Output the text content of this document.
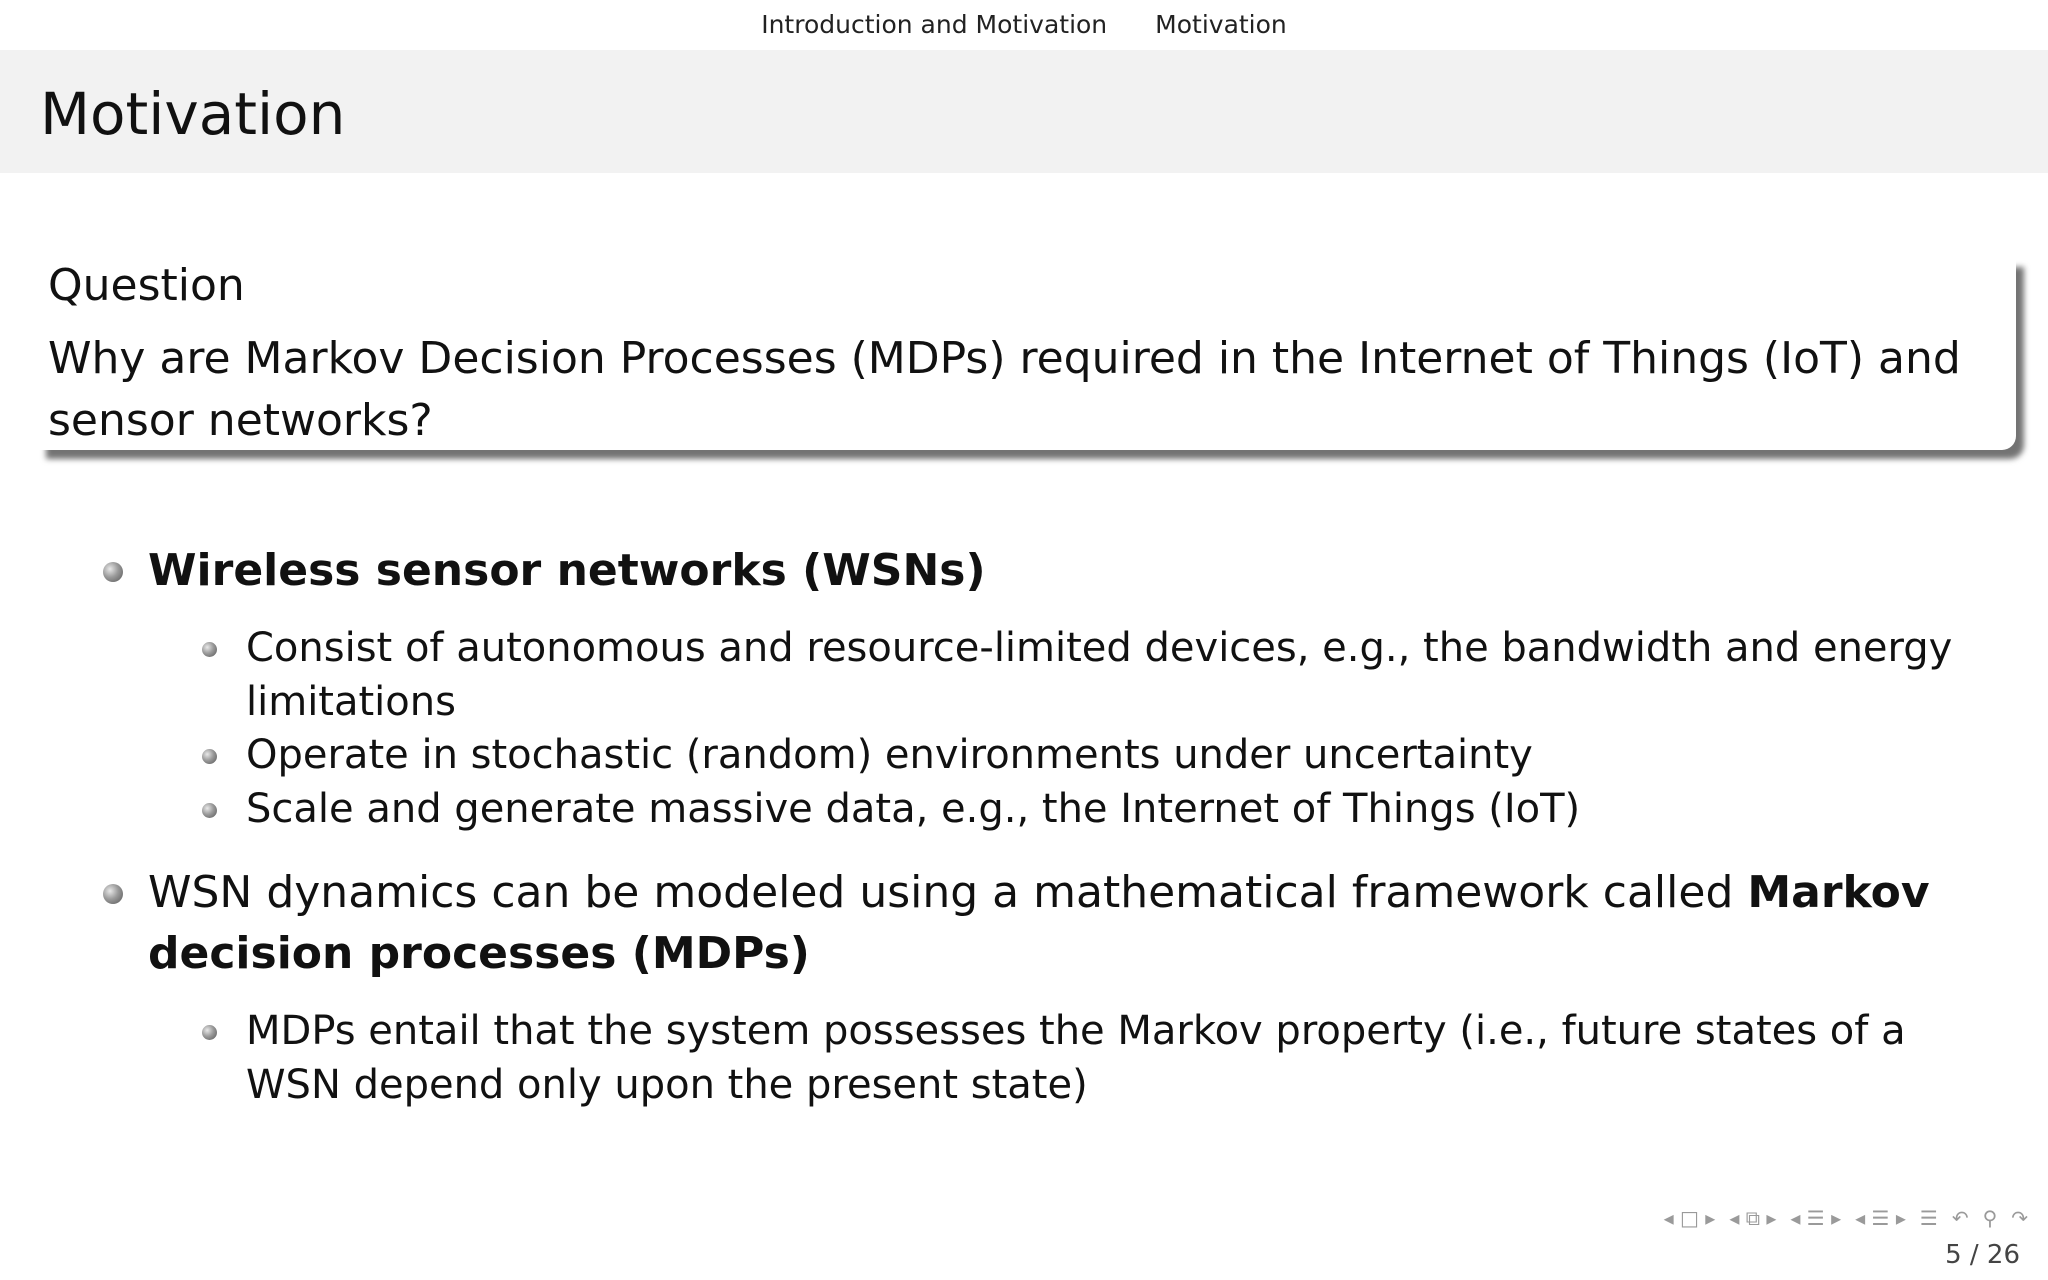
Introduction and Motivation Motivation
Motivation
Question
Why are Markov Decision Processes (MDPs) required in the Internet of Things (IoT) and sensor networks?
Wireless sensor networks (WSNs)
Consist of autonomous and resource-limited devices, e.g., the bandwidth and energy limitations
Operate in stochastic (random) environments under uncertainty
Scale and generate massive data, e.g., the Internet of Things (IoT)
WSN dynamics can be modeled using a mathematical framework called Markov decision processes (MDPs)
MDPs entail that the system possesses the Markov property (i.e., future states of a WSN depend only upon the present state)
◂ □ ▸ ◂ ⧉ ▸ ◂ ☰ ▸ ◂ ☰ ▸ ☰ ↶ ⚲ ↷
5 / 26
